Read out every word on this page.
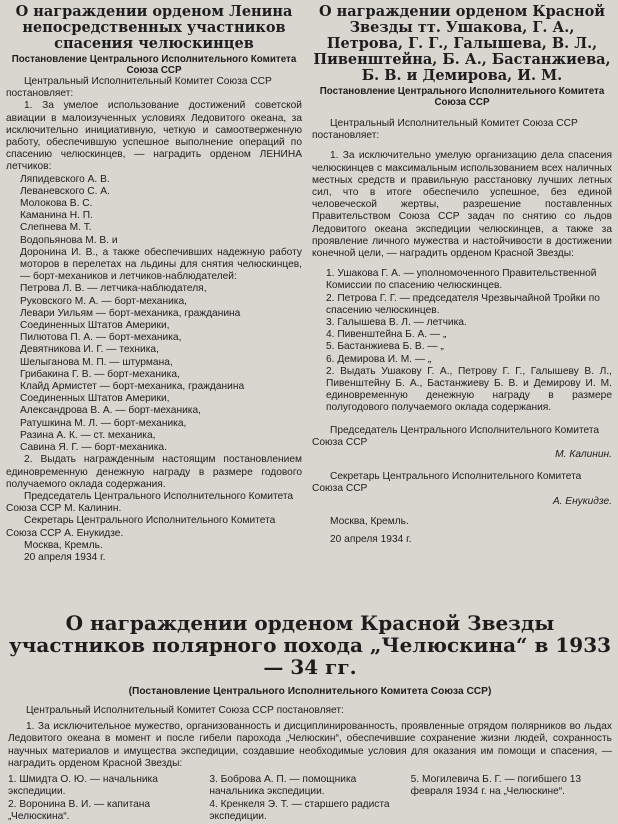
О награждении орденом Ленина непосредственных участников спасения челюскинцев
Постановление Центрального Исполнительного Комитета Союза ССР

Центральный Исполнительный Комитет Союза ССР постановляет:

1. За умелое использование достижений советской авиации в малоизученных условиях Ледовитого океана, за исключительно инициативную, четкую и самоотверженную работу, обеспечившую успешное выполнение операций по спасению челюскинцев, — наградить орденом ЛЕНИНА летчиков:

Ляпидевского А. В.

Леваневского С. А.

Молокова В. С.

Каманина Н. П.

Слепнева М. Т.

Водопьянова М. В. и

Доронина И. В., а также обеспечивших надежную работу моторов в перелетах на льдины для снятия челюскинцев, — борт-механиков и летчиков-наблюдателей:

Петрова Л. В. — летчика-наблюдателя,

Руковского М. А. — борт-механика,

Левари Уильям — борт-механика, гражданина Соединенных Штатов Америки,

Пилютова П. А. — борт-механика,

Девятникова И. Г. — техника,

Шелыганова М. П. — штурмана,

Грибакина Г. В. — борт-механика,

Клайд Армистет — борт-механика, гражданина Соединенных Штатов Америки,

Александрова В. А. — борт-механика,

Ратушкина М. Л. — борт-механика,

Разина А. К. — ст. механика,

Савина Я. Г. — борт-механика.

2. Выдать награжденным настоящим постановлением единовременную денежную награду в размере годового получаемого оклада содержания.

Председатель Центрального Исполнительного Комитета Союза ССР М. Калинин.

Секретарь Центрального Исполнительного Комитета Союза ССР А. Енукидзе.

Москва, Кремль.

20 апреля 1934 г.

О награждении орденом Красной Звезды тт. Ушакова, Г. А., Петрова, Г. Г., Галышева, В. Л., Пивенштейна, Б. А., Бастанжиева, Б. В. и Демирова, И. М.
Постановление Центрального Исполнительного Комитета Союза ССР

Центральный Исполнительный Комитет Союза ССР постановляет:

1. За исключительно умелую организацию дела спасения челюскинцев с максимальным использованием всех наличных местных средств и правильную расстановку лучших летных сил, что в итоге обеспечило успешное, без единой человеческой жертвы, разрешение поставленных Правительством Союза ССР задач по снятию со льдов Ледовитого океана экспедиции челюскинцев, а также за проявление личного мужества и настойчивости в достижении конечной цели, — наградить орденом Красной Звезды:

1. Ушакова Г. А. — уполномоченного Правительственной Комиссии по спасению челюскинцев.

2. Петрова Г. Г. — председателя Чрезвычайной Тройки по спасению челюскинцев.

3. Галышева В. Л. — летчика.

4. Пивенштейна Б. А. — „

5. Бастанжиева Б. В. — „

6. Демирова И. М. — „

2. Выдать Ушакову Г. А., Петрову Г. Г., Галышеву В. Л., Пивенштейну Б. А., Бастанжиеву Б. В. и Демирову И. М. единовременную денежную награду в размере полугодового получаемого оклада содержания.

Председатель Центрального Исполнительного Комитета Союза ССР

М. Калинин.

Секретарь Центрального Исполнительного Комитета Союза ССР

А. Енукидзе.

Москва, Кремль.

20 апреля 1934 г.

О награждении орденом Красной Звезды участников полярного похода „Челюскина“ в 1933 — 34 гг.
(Постановление Центрального Исполнительного Комитета Союза ССР)

Центральный Исполнительный Комитет Союза ССР постановляет:

1. За исключительное мужество, организованность и дисциплинированность, проявленные отрядом полярников во льдах Ледовитого океана в момент и после гибели парохода „Челюскин“, обеспечившие сохранение жизни людей, сохранность научных материалов и имущества экспедиции, создавшие необходимые условия для оказания им помощи и спасения, — наградить орденом Красной Звезды:

1. Шмидта О. Ю. — начальника экспедиции.
2. Воронина В. И. — капитана „Челюскина“.
3. Боброва А. П. — помощника начальника экспедиции.
4. Кренкеля Э. Т. — старшего радиста экспедиции.
5. Могилевича Б. Г. — погибшего 13 февраля 1934 г. на „Челюскине“.
